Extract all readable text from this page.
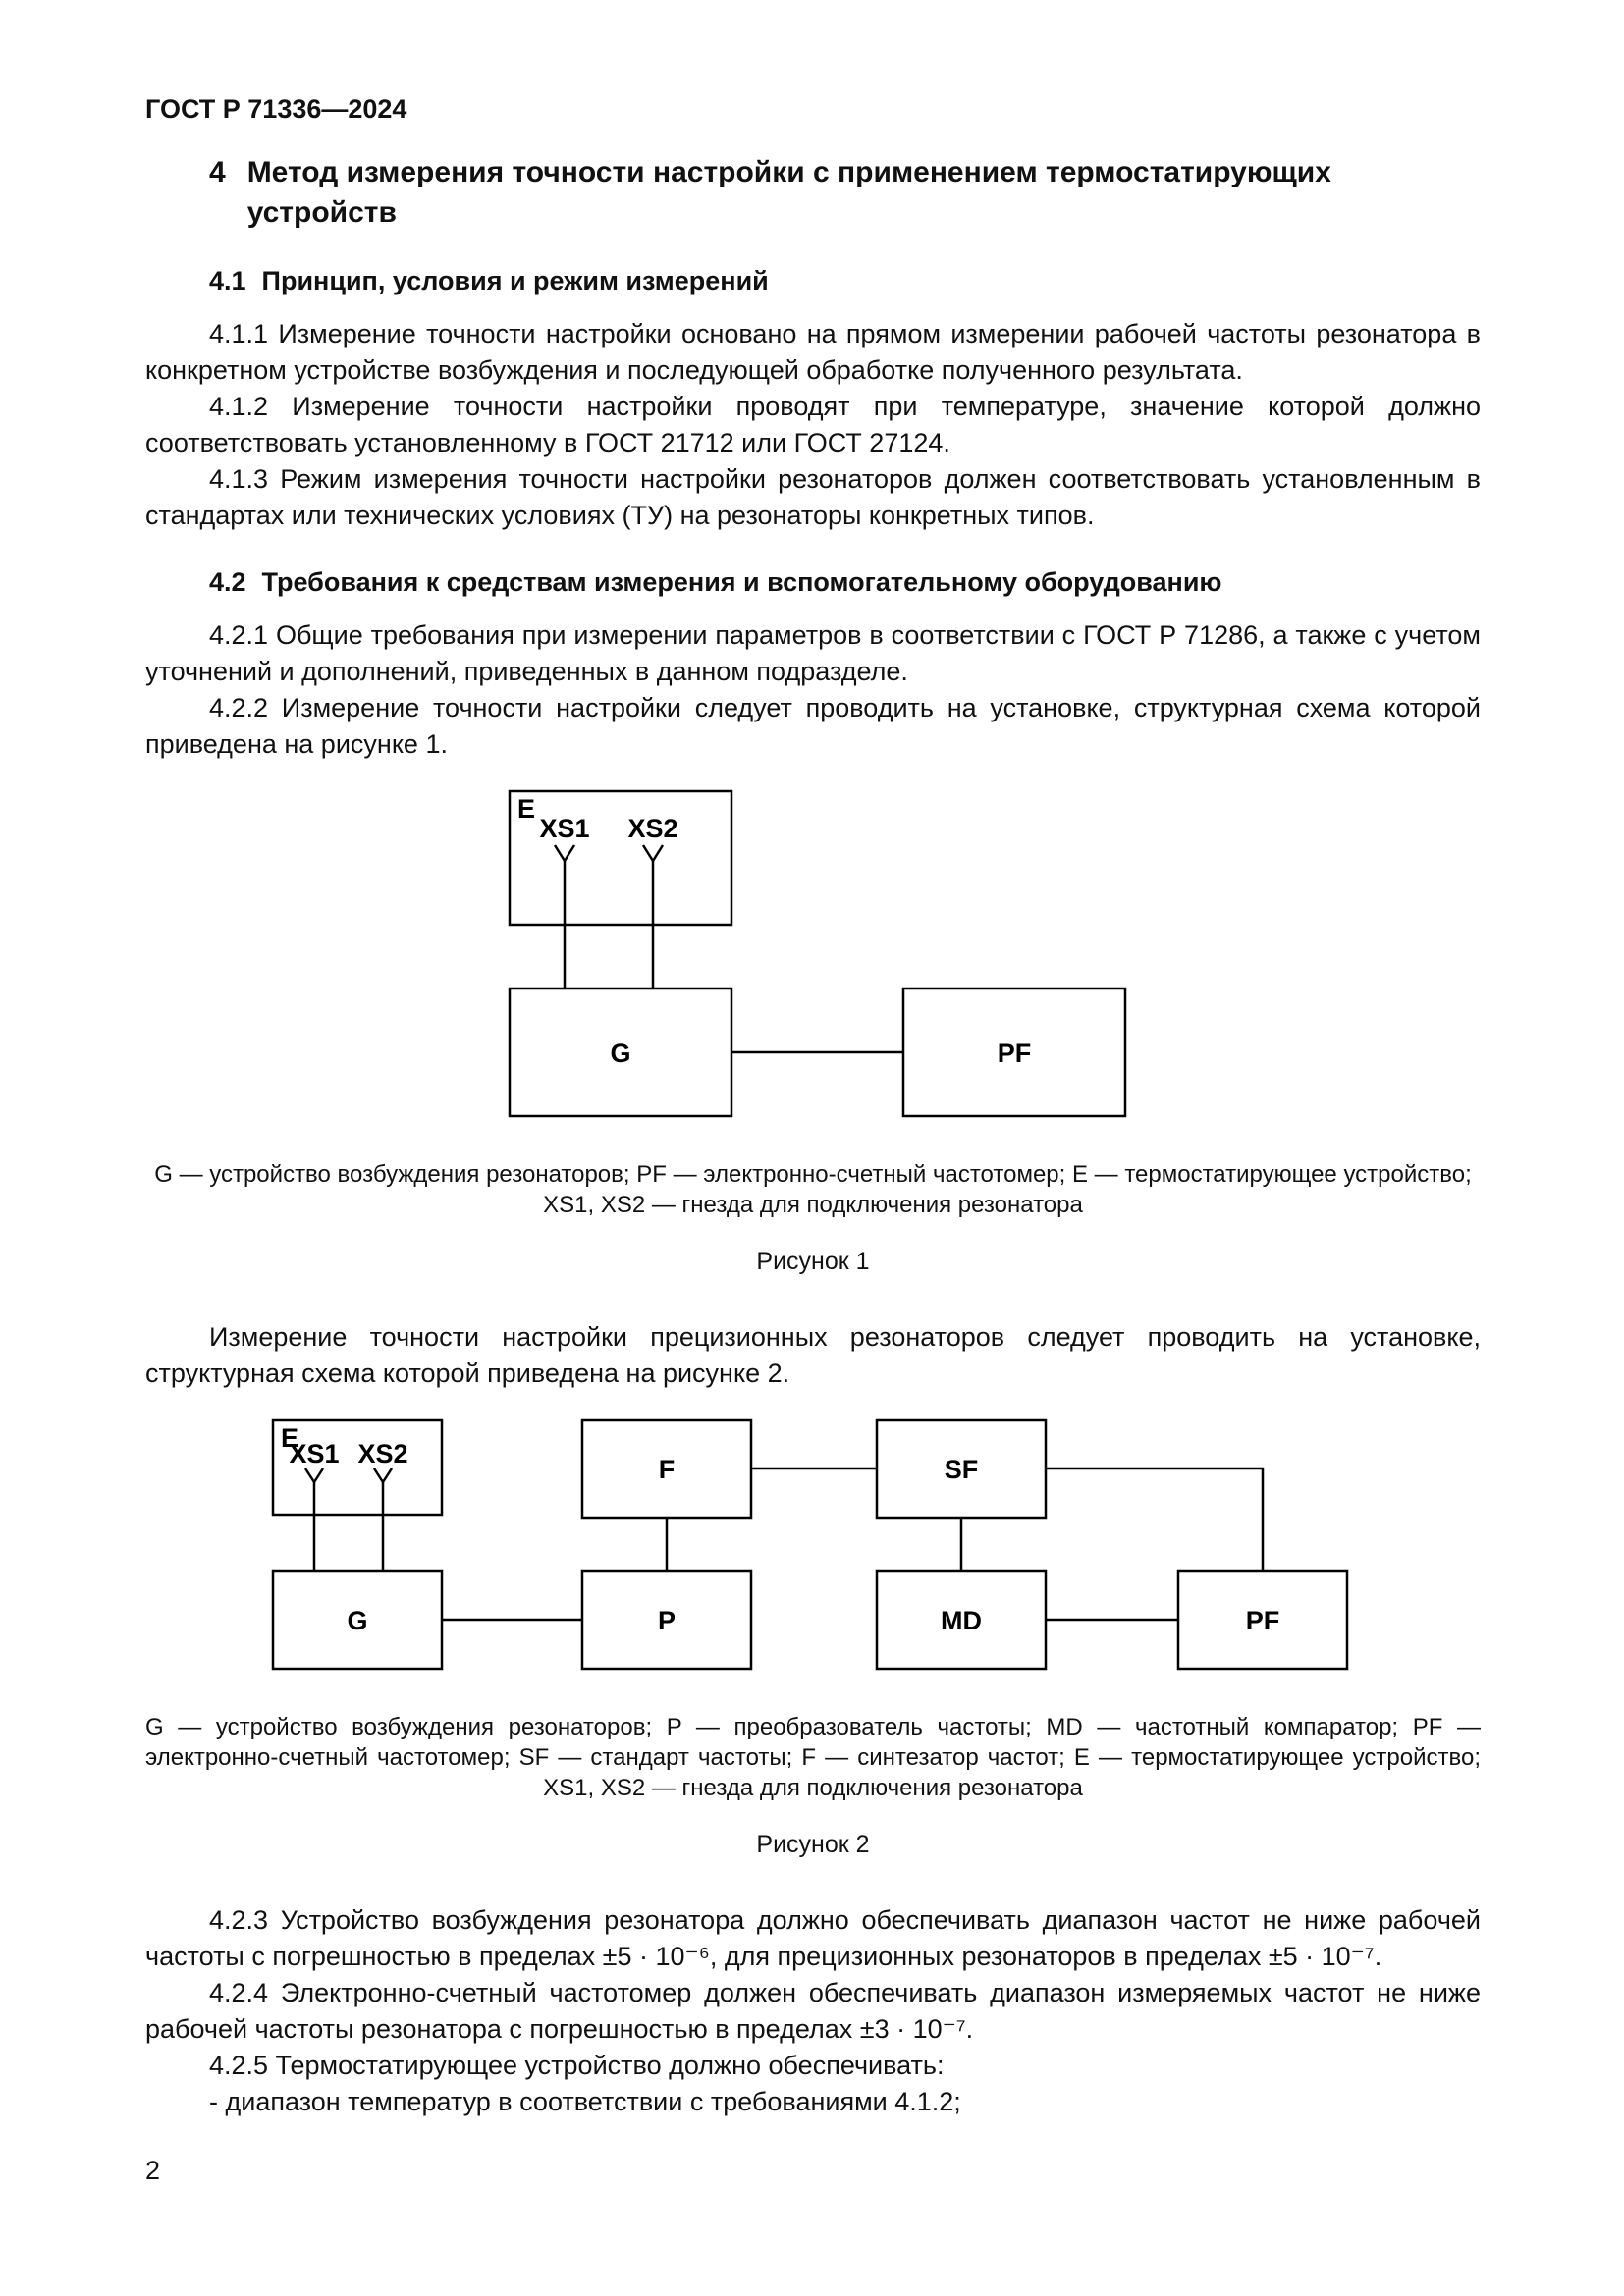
ГОСТ Р 71336—2024

4 Метод измерения точности настройки с применением термостатирующих устройств
4.1 Принцип, условия и режим измерений

4.1.1 Измерение точности настройки основано на прямом измерении рабочей частоты резонатора в конкретном устройстве возбуждения и последующей обработке полученного результата.

4.1.2 Измерение точности настройки проводят при температуре, значение которой должно соответствовать установленному в ГОСТ 21712 или ГОСТ 27124.

4.1.3 Режим измерения точности настройки резонаторов должен соответствовать установленным в стандартах или технических условиях (ТУ) на резонаторы конкретных типов.

4.2 Требования к средствам измерения и вспомогательному оборудованию

4.2.1 Общие требования при измерении параметров в соответствии с ГОСТ Р 71286, а также с учетом уточнений и дополнений, приведенных в данном подразделе.

4.2.2 Измерение точности настройки следует проводить на установке, структурная схема которой приведена на рисунке 1.

E
XS1 XS2
G	PF

G — устройство возбуждения резонаторов; PF — электронно-счетный частотомер; E — термостатирующее устройство; XS1, XS2 — гнезда для подключения резонатора

Рисунок 1

Измерение точности настройки прецизионных резонаторов следует проводить на установке, структурная схема которой приведена на рисунке 2.

E
XS1 XS2
F	SF
G	P	MD	PF

G — устройство возбуждения резонаторов; P — преобразователь частоты; MD — частотный компаратор; PF — электронно-счетный частотомер; SF — стандарт частоты; F — синтезатор частот; E — термостатирующее устройство; XS1, XS2 — гнезда для подключения резонатора

Рисунок 2

4.2.3 Устройство возбуждения резонатора должно обеспечивать диапазон частот не ниже рабочей частоты с погрешностью в пределах ±5 · 10⁻⁶, для прецизионных резонаторов в пределах ±5 · 10⁻⁷.

4.2.4 Электронно-счетный частотомер должен обеспечивать диапазон измеряемых частот не ниже рабочей частоты резонатора с погрешностью в пределах ±3 · 10⁻⁷.

4.2.5 Термостатирующее устройство должно обеспечивать:

- диапазон температур в соответствии с требованиями 4.1.2;

2
